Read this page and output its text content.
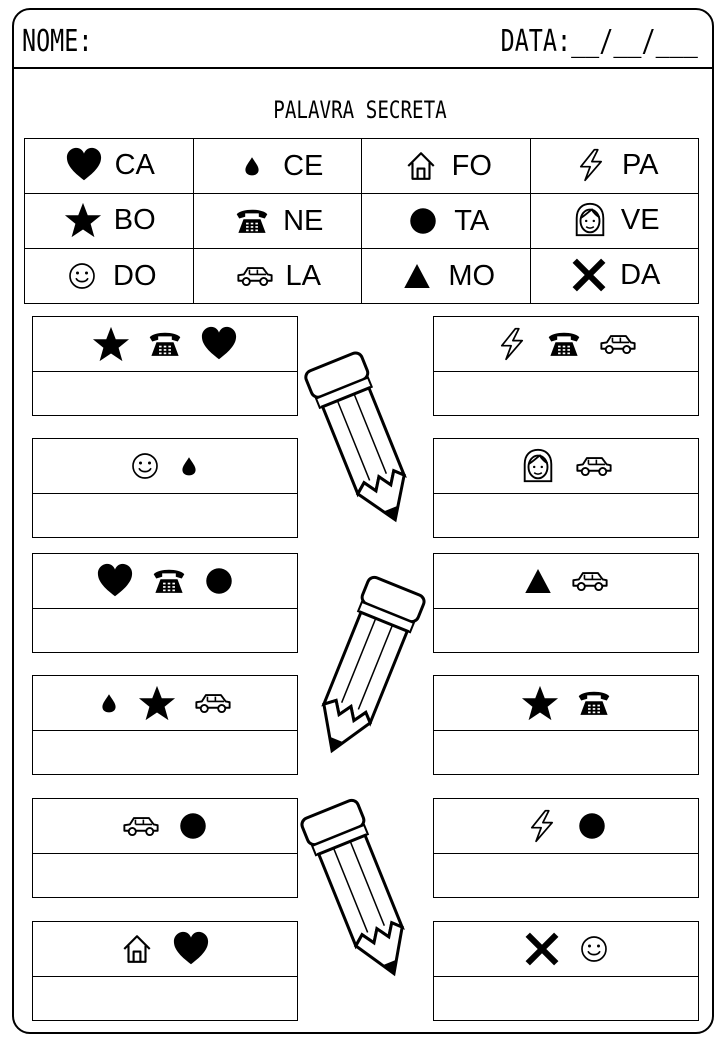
NOME:	DATA:__/__/___
PALAVRA SECRETA
CA	CE	FO	PA

BO	NE	TA	VE

DO	LA	MO	DA
